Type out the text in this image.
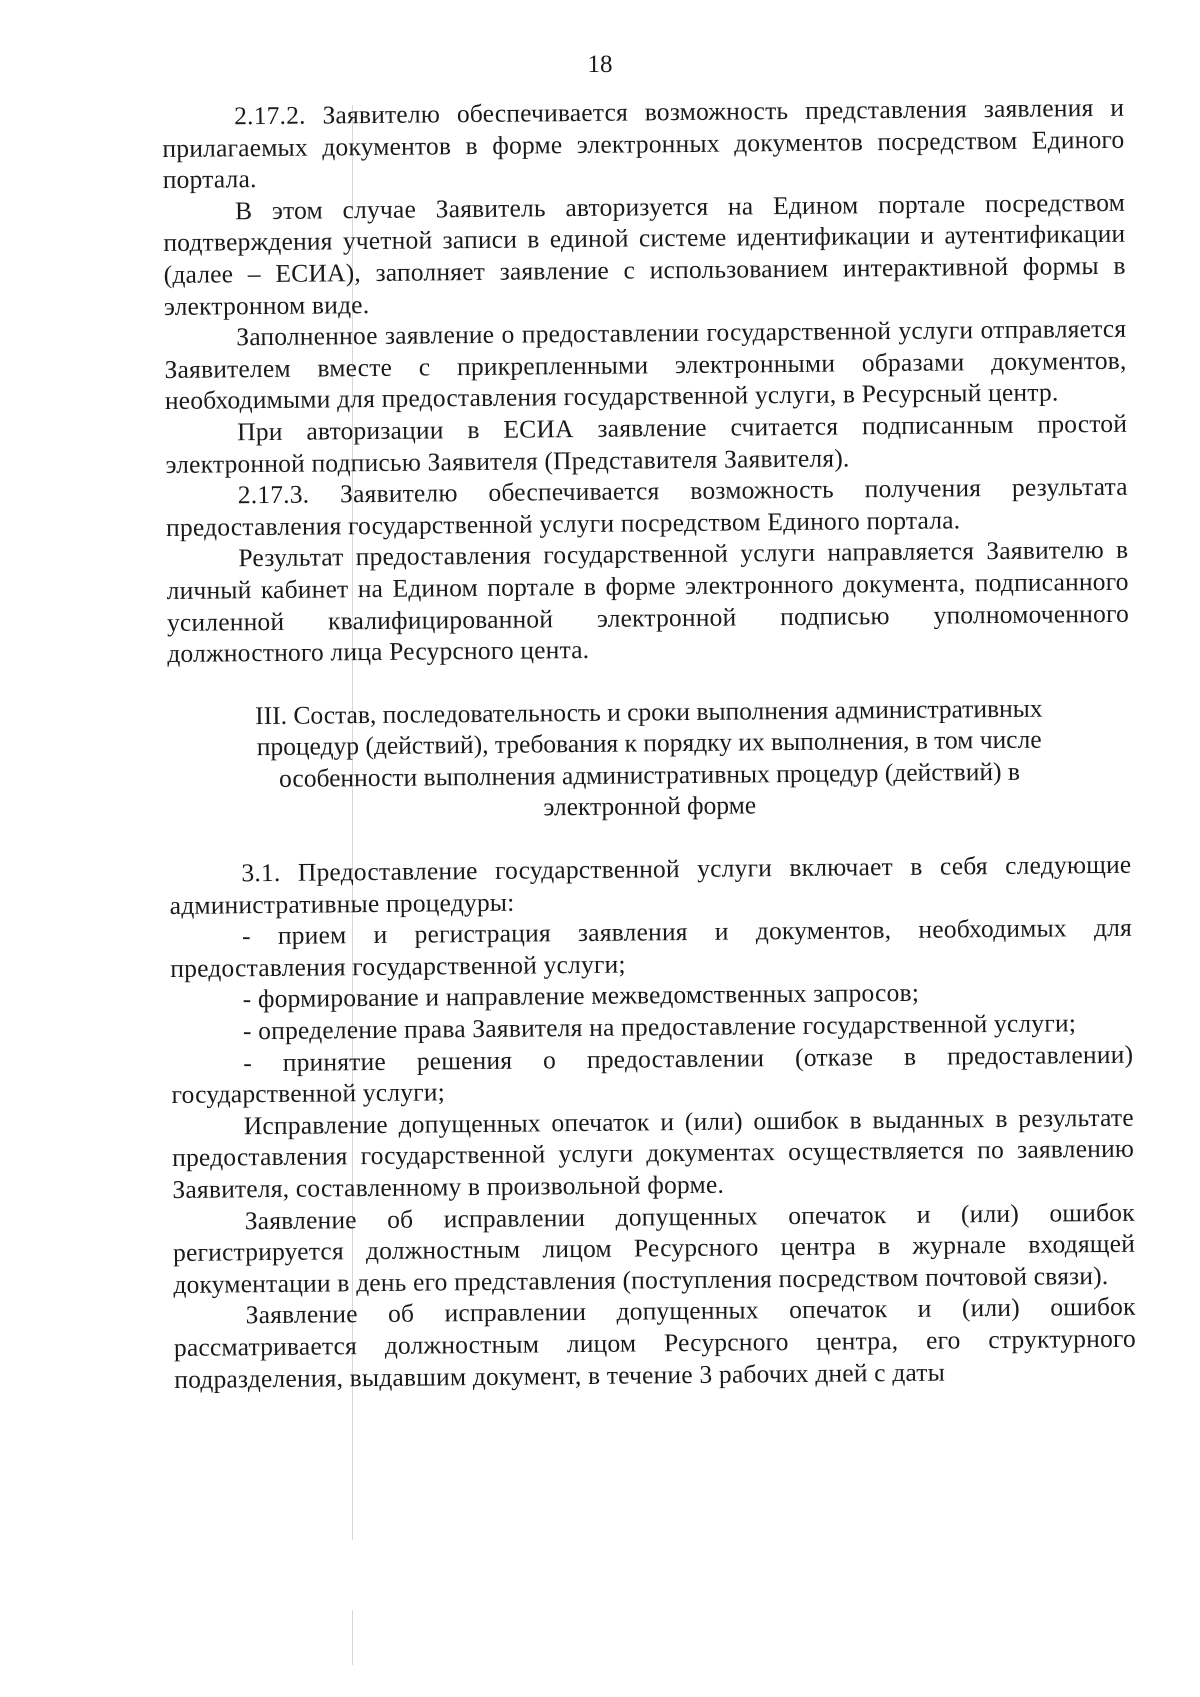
18

2.17.2. Заявителю обеспечивается возможность представления заявления и прилагаемых документов в форме электронных документов посредством Единого портала.

В этом случае Заявитель авторизуется на Едином портале посредством подтверждения учетной записи в единой системе идентификации и аутентификации (далее – ЕСИА), заполняет заявление с использованием интерактивной формы в электронном виде.

Заполненное заявление о предоставлении государственной услуги отправляется Заявителем вместе с прикрепленными электронными образами документов, необходимыми для предоставления государственной услуги, в Ресурсный центр.

При авторизации в ЕСИА заявление считается подписанным простой электронной подписью Заявителя (Представителя Заявителя).

2.17.3. Заявителю обеспечивается возможность получения результата предоставления государственной услуги посредством Единого портала.

Результат предоставления государственной услуги направляется Заявителю в личный кабинет на Едином портале в форме электронного документа, подписанного усиленной квалифицированной электронной подписью уполномоченного должностного лица Ресурсного цента.

III. Состав, последовательность и сроки выполнения административных процедур (действий), требования к порядку их выполнения, в том числе особенности выполнения административных процедур (действий) в электронной форме

3.1. Предоставление государственной услуги включает в себя следующие административные процедуры:

- прием и регистрация заявления и документов, необходимых для предоставления государственной услуги;

- формирование и направление межведомственных запросов;

- определение права Заявителя на предоставление государственной услуги;

- принятие решения о предоставлении (отказе в предоставлении) государственной услуги;

Исправление допущенных опечаток и (или) ошибок в выданных в результате предоставления государственной услуги документах осуществляется по заявлению Заявителя, составленному в произвольной форме.

Заявление об исправлении допущенных опечаток и (или) ошибок регистрируется должностным лицом Ресурсного центра в журнале входящей документации в день его представления (поступления посредством почтовой связи).

Заявление об исправлении допущенных опечаток и (или) ошибок рассматривается должностным лицом Ресурсного центра, его структурного подразделения, выдавшим документ, в течение 3 рабочих дней с даты
